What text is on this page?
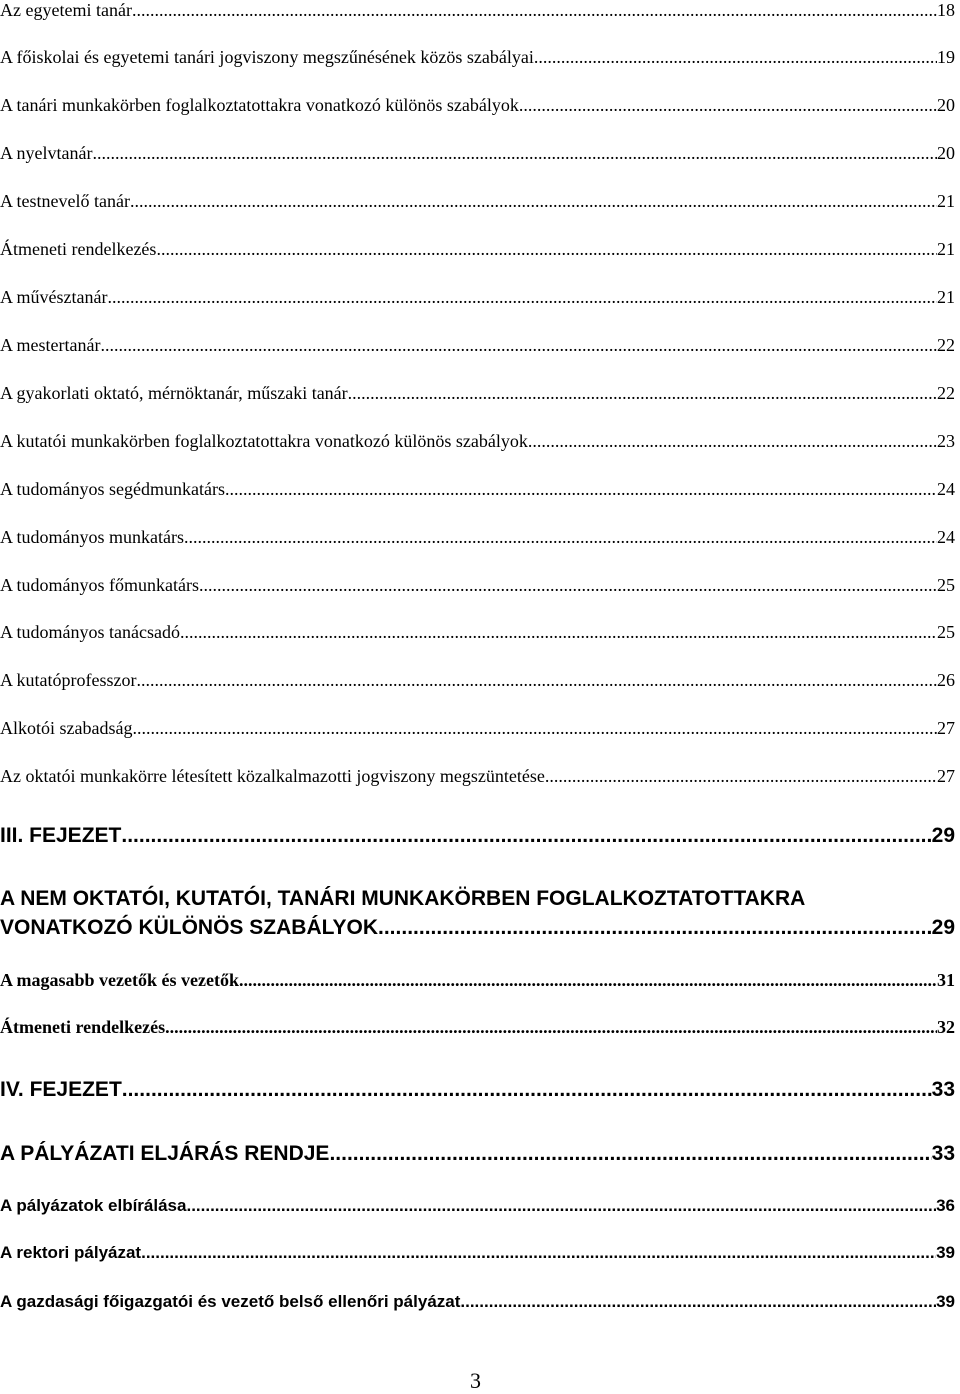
Az egyetemi tanár .....	18
A főiskolai és egyetemi tanári jogviszony megszűnésének közös szabályai .....	19
A tanári munkakörben foglalkoztatottakra vonatkozó különös szabályok .....	20
A nyelvtanár .....	20
A testnevelő tanár .....	21
Átmeneti rendelkezés .....	21
A művésztanár .....	21
A mestertanár .....	22
A gyakorlati oktató, mérnöktanár, műszaki tanár .....	22
A kutatói munkakörben foglalkoztatottakra vonatkozó különös szabályok .....	23
A tudományos segédmunkatárs .....	24
A tudományos munkatárs .....	24
A tudományos főmunkatárs .....	25
A tudományos tanácsadó .....	25
A kutatóprofesszor .....	26
Alkotói szabadság .....	27
Az oktatói munkakörre létesített közalkalmazotti jogviszony megszüntetése .....	27
III. FEJEZET .....	29
A NEM OKTATÓI, KUTATÓI, TANÁRI MUNKAKÖRBEN FOGLALKOZTATOTTAKRA
VONATKOZÓ KÜLÖNÖS SZABÁLYOK .....	29
A magasabb vezetők és vezetők .....	31
Átmeneti rendelkezés .....	32
IV. FEJEZET .....	33
A PÁLYÁZATI ELJÁRÁS RENDJE .....	33
A pályázatok elbírálása .....	36
A rektori pályázat .....	39
A gazdasági főigazgatói és vezető belső ellenőri pályázat .....	39
3
